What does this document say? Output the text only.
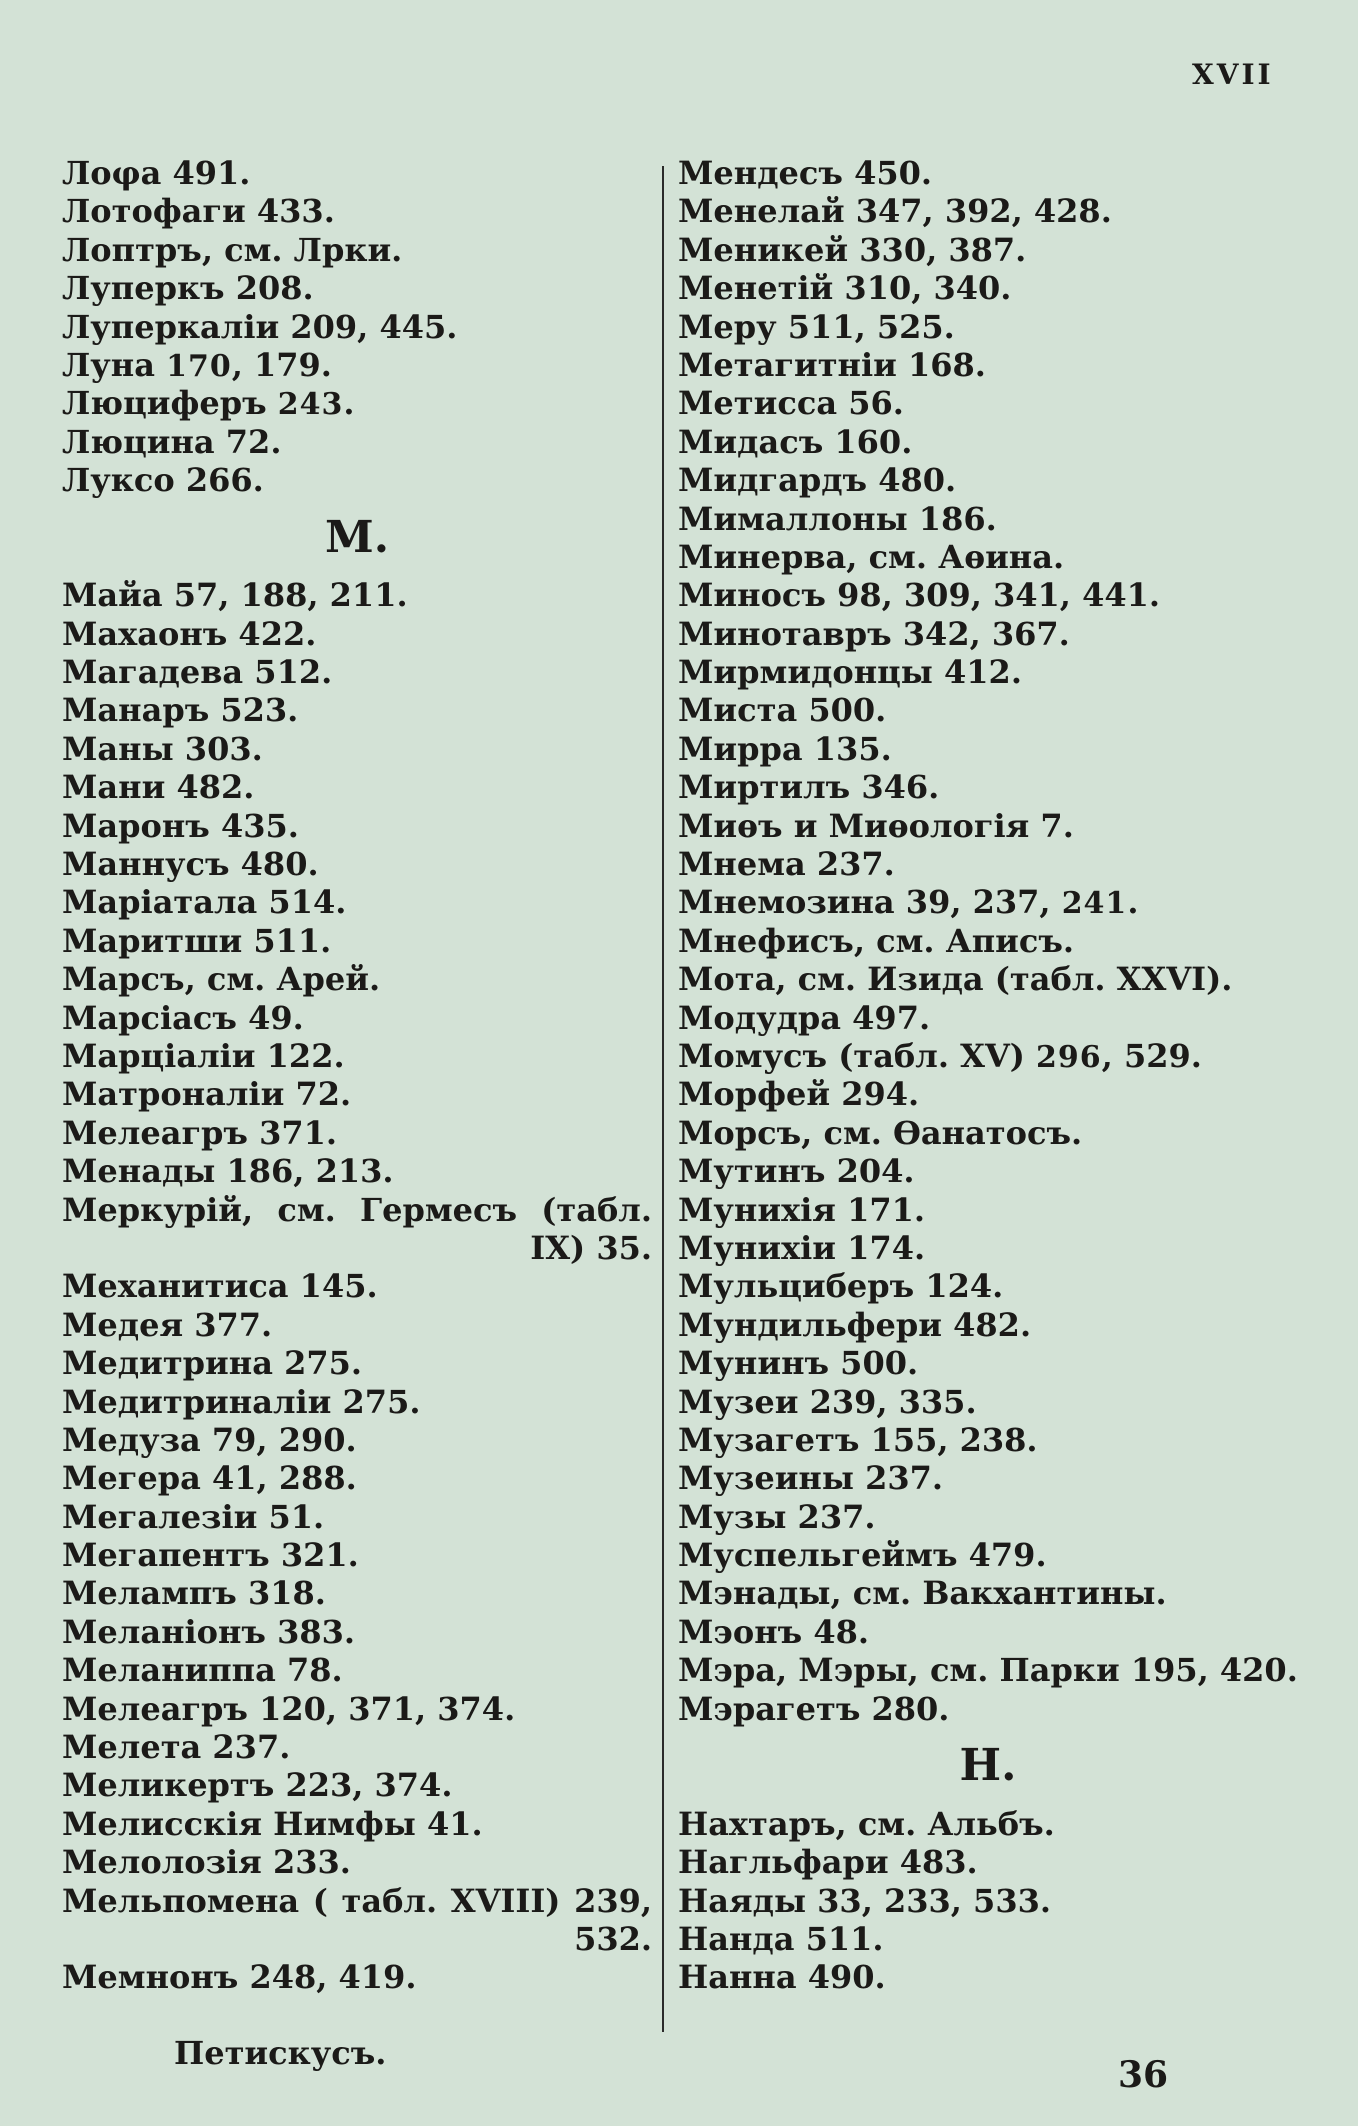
XVII
Лоφа 491.
Лотофаги 433.
Лоптръ, см. Лрки.
Луперкъ 208.
Луперкаліи 209, 445.
Луна 170, 179.
Люциферъ 243.
Люцина 72.
Луксо 266.
М.
Майа 57, 188, 211.
Махаонъ 422.
Магадева 512.
Манаръ 523.
Маны 303.
Мани 482.
Маронъ 435.
Маннусъ 480.
Маріатала 514.
Маритши 511.
Марсъ, см. Арей.
Марсіасъ 49.
Марціаліи 122.
Матроналіи 72.
Мелеагръ 371.
Менады 186, 213.
Меркурій, см. Гермесъ (табл.
IX) 35.
Механитиса 145.
Медея 377.
Медитрина 275.
Медитриналіи 275.
Медуза 79, 290.
Мегера 41, 288.
Мегалезіи 51.
Мегапентъ 321.
Мелампъ 318.
Меланіонъ 383.
Меланиппа 78.
Мелеагръ 120, 371, 374.
Мелета 237.
Меликертъ 223, 374.
Мелисскія Нимфы 41.
Мелолозія 233.
Мельпомена ( табл. XVIII) 239,
532.
Мемнонъ 248, 419.
Мендесъ 450.
Менелай 347, 392, 428.
Меникей 330, 387.
Менетій 310, 340.
Меру 511, 525.
Метагитніи 168.
Метисса 56.
Мидасъ 160.
Мидгардъ 480.
Мималлоны 186.
Минерва, см. Аѳина.
Миносъ 98, 309, 341, 441.
Минотавръ 342, 367.
Мирмидонцы 412.
Миста 500.
Мирра 135.
Миртилъ 346.
Миѳъ и Миѳологія 7.
Мнема 237.
Мнемозина 39, 237, 241.
Мнефисъ, см. Аписъ.
Мота, см. Изида (табл. XXVI).
Модудра 497.
Момусъ (табл. XV) 296, 529.
Морфей 294.
Морсъ, см. Ѳанатосъ.
Мутинъ 204.
Мунихія 171.
Мунихіи 174.
Мульциберъ 124.
Мундильфери 482.
Мунинъ 500.
Музеи 239, 335.
Музагетъ 155, 238.
Музеины 237.
Музы 237.
Муспельгеймъ 479.
Мэнады, см. Вакхантины.
Мэонъ 48.
Мэра, Мэры, см. Парки 195, 420.
Мэрагетъ 280.
Н.
Нахтаръ, см. Альбъ.
Нагльфари 483.
Наяды 33, 233, 533.
Нанда 511.
Нанна 490.
Петискусъ.
36
